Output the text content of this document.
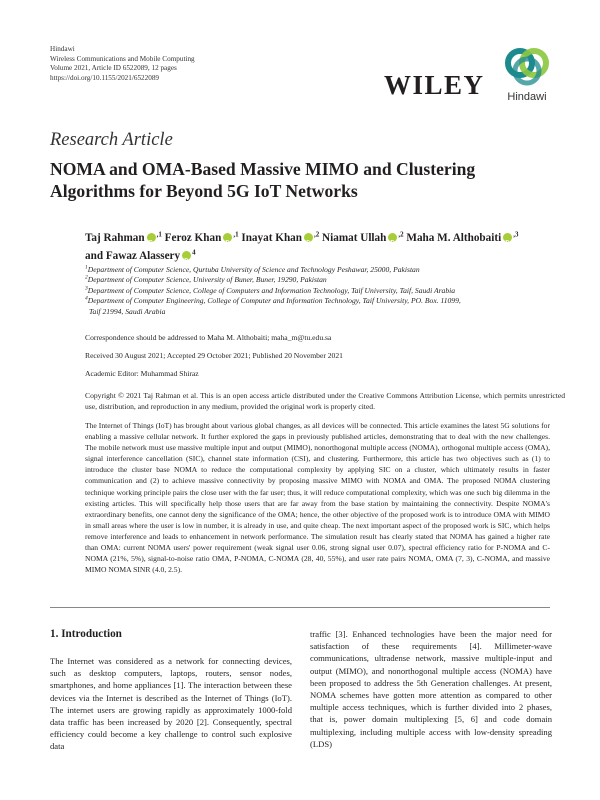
Hindawi
Wireless Communications and Mobile Computing
Volume 2021, Article ID 6522089, 12 pages
https://doi.org/10.1155/2021/6522089	WILEY	Hindawi
Research Article
NOMA and OMA-Based Massive MIMO and Clustering Algorithms for Beyond 5G IoT Networks
Taj Rahman iD $^{,1}$ Feroz Khan iD $^{,1}$ Inayat Khan iD $^{,2}$ Niamat Ullah iD $^{,2}$ Maha M. Althobaiti iD $^{,3}$
and Fawaz Alassery iD $^4$
$^1$Department of Computer Science, Qurtuba University of Science and Technology Peshawar, 25000, Pakistan
$^2$Department of Computer Science, University of Buner, Buner, 19290, Pakistan
$^3$Department of Computer Science, College of Computers and Information Technology, Taif University, Taif, Saudi Arabia
$^4$Department of Computer Engineering, College of Computer and Information Technology, Taif University, PO. Box. 11099,
Taif 21994, Saudi Arabia
Correspondence should be addressed to Maha M. Althobaiti; maha_m@tu.edu.sa
Received 30 August 2021; Accepted 29 October 2021; Published 20 November 2021
Academic Editor: Muhammad Shiraz
Copyright © 2021 Taj Rahman et al. This is an open access article distributed under the Creative Commons Attribution License, which permits unrestricted use, distribution, and reproduction in any medium, provided the original work is properly cited.
The Internet of Things (IoT) has brought about various global changes, as all devices will be connected. This article examines the latest 5G solutions for enabling a massive cellular network. It further explored the gaps in previously published articles, demonstrating that to deal with the new challenges. The mobile network must use massive multiple input and output (MIMO), nonorthogonal multiple access (NOMA), orthogonal multiple access (OMA), signal interference cancellation (SIC), channel state information (CSI), and clustering. Furthermore, this article has two objectives such as (1) to introduce the cluster base NOMA to reduce the computational complexity by applying SIC on a cluster, which ultimately results in faster communication and (2) to achieve massive connectivity by proposing massive MIMO with NOMA and OMA. The proposed NOMA clustering technique working principle pairs the close user with the far user; thus, it will reduce computational complexity, which was one such big dilemma in the existing articles. This will specifically help those users that are far away from the base station by maintaining the connectivity. Despite NOMA's extraordinary benefits, one cannot deny the significance of the OMA; hence, the other objective of the proposed work is to introduce OMA with MIMO in small areas where the user is low in number, it is already in use, and quite cheap. The next important aspect of the proposed work is SIC, which helps remove interference and leads to enhancement in network performance. The simulation result has clearly stated that NOMA has gained a higher rate than OMA: current NOMA users' power requirement (weak signal user 0.06, strong signal user 0.07), spectral efficiency ratio for P-NOMA and C-NOMA (21%, 5%), signal-to-noise ratio OMA, P-NOMA, C-NOMA (28, 40, 55%), and user rate pairs NOMA, OMA (7, 3), C-NOMA, and massive MIMO NOMA SINR (4.0, 2.5).
1. Introduction
The Internet was considered as a network for connecting devices, such as desktop computers, laptops, routers, sensor nodes, smartphones, and home appliances [1]. The interaction between these devices via the Internet is described as the Internet of Things (IoT). The internet users are growing rapidly as approximately 1000-fold data traffic has been increased by 2020 [2]. Consequently, spectral efficiency could become a key challenge to control such explosive data
traffic [3]. Enhanced technologies have been the major need for satisfaction of these requirements [4]. Millimeter-wave communications, ultradense network, massive multiple-input and output (MIMO), and nonorthogonal multiple access (NOMA) have been proposed to address the 5th Generation challenges. At present, NOMA schemes have gotten more attention as compared to other multiple access techniques, which is further divided into 2 phases, that is, power domain multiplexing [5, 6] and code domain multiplexing, including multiple access with low-density spreading (LDS)
